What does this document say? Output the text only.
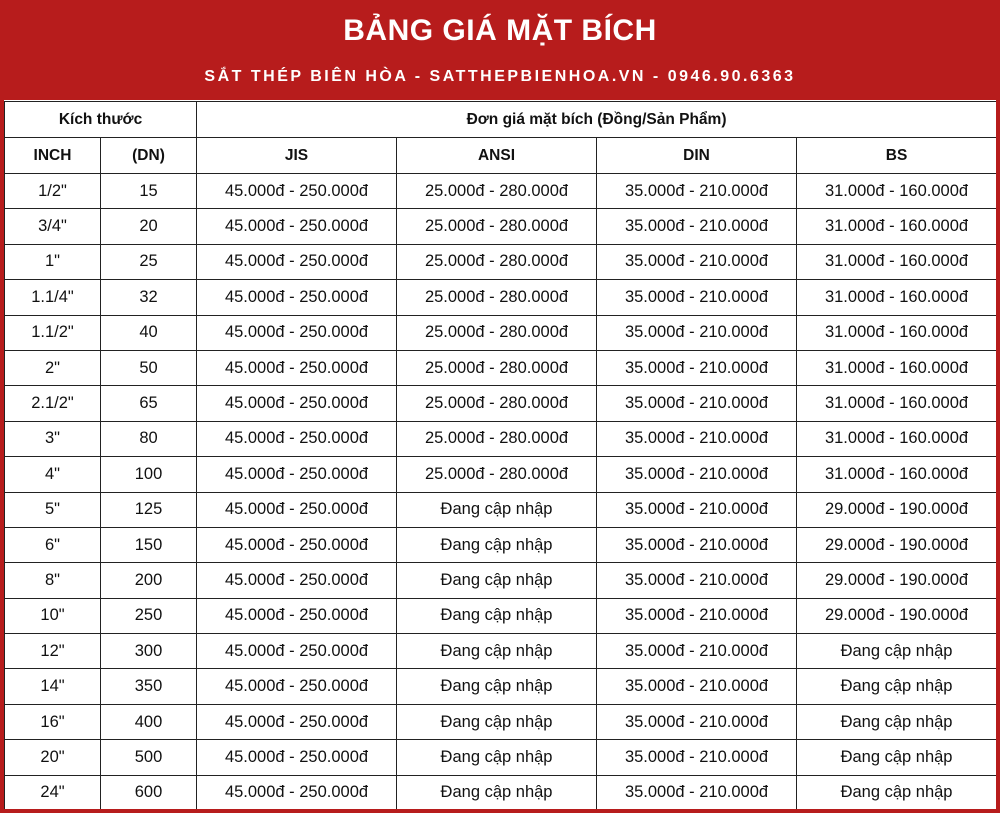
BẢNG GIÁ MẶT BÍCH
SẮT THÉP BIÊN HÒA - SATTHEPBIENHOA.VN - 0946.90.6363
Kích thước		Đơn giá mặt bích (Đồng/Sản Phẩm)			
INCH	(DN)	JIS	ANSI	DIN	BS
1/2"	15	45.000đ - 250.000đ	25.000đ - 280.000đ	35.000đ - 210.000đ	31.000đ - 160.000đ
3/4"	20	45.000đ - 250.000đ	25.000đ - 280.000đ	35.000đ - 210.000đ	31.000đ - 160.000đ
1"	25	45.000đ - 250.000đ	25.000đ - 280.000đ	35.000đ - 210.000đ	31.000đ - 160.000đ
1.1/4"	32	45.000đ - 250.000đ	25.000đ - 280.000đ	35.000đ - 210.000đ	31.000đ - 160.000đ
1.1/2"	40	45.000đ - 250.000đ	25.000đ - 280.000đ	35.000đ - 210.000đ	31.000đ - 160.000đ
2"	50	45.000đ - 250.000đ	25.000đ - 280.000đ	35.000đ - 210.000đ	31.000đ - 160.000đ
2.1/2"	65	45.000đ - 250.000đ	25.000đ - 280.000đ	35.000đ - 210.000đ	31.000đ - 160.000đ
3"	80	45.000đ - 250.000đ	25.000đ - 280.000đ	35.000đ - 210.000đ	31.000đ - 160.000đ
4"	100	45.000đ - 250.000đ	25.000đ - 280.000đ	35.000đ - 210.000đ	31.000đ - 160.000đ
5"	125	45.000đ - 250.000đ	Đang cập nhập	35.000đ - 210.000đ	29.000đ - 190.000đ
6"	150	45.000đ - 250.000đ	Đang cập nhập	35.000đ - 210.000đ	29.000đ - 190.000đ
8"	200	45.000đ - 250.000đ	Đang cập nhập	35.000đ - 210.000đ	29.000đ - 190.000đ
10"	250	45.000đ - 250.000đ	Đang cập nhập	35.000đ - 210.000đ	29.000đ - 190.000đ
12"	300	45.000đ - 250.000đ	Đang cập nhập	35.000đ - 210.000đ	Đang cập nhập
14"	350	45.000đ - 250.000đ	Đang cập nhập	35.000đ - 210.000đ	Đang cập nhập
16"	400	45.000đ - 250.000đ	Đang cập nhập	35.000đ - 210.000đ	Đang cập nhập
20"	500	45.000đ - 250.000đ	Đang cập nhập	35.000đ - 210.000đ	Đang cập nhập
24"	600	45.000đ - 250.000đ	Đang cập nhập	35.000đ - 210.000đ	Đang cập nhập
